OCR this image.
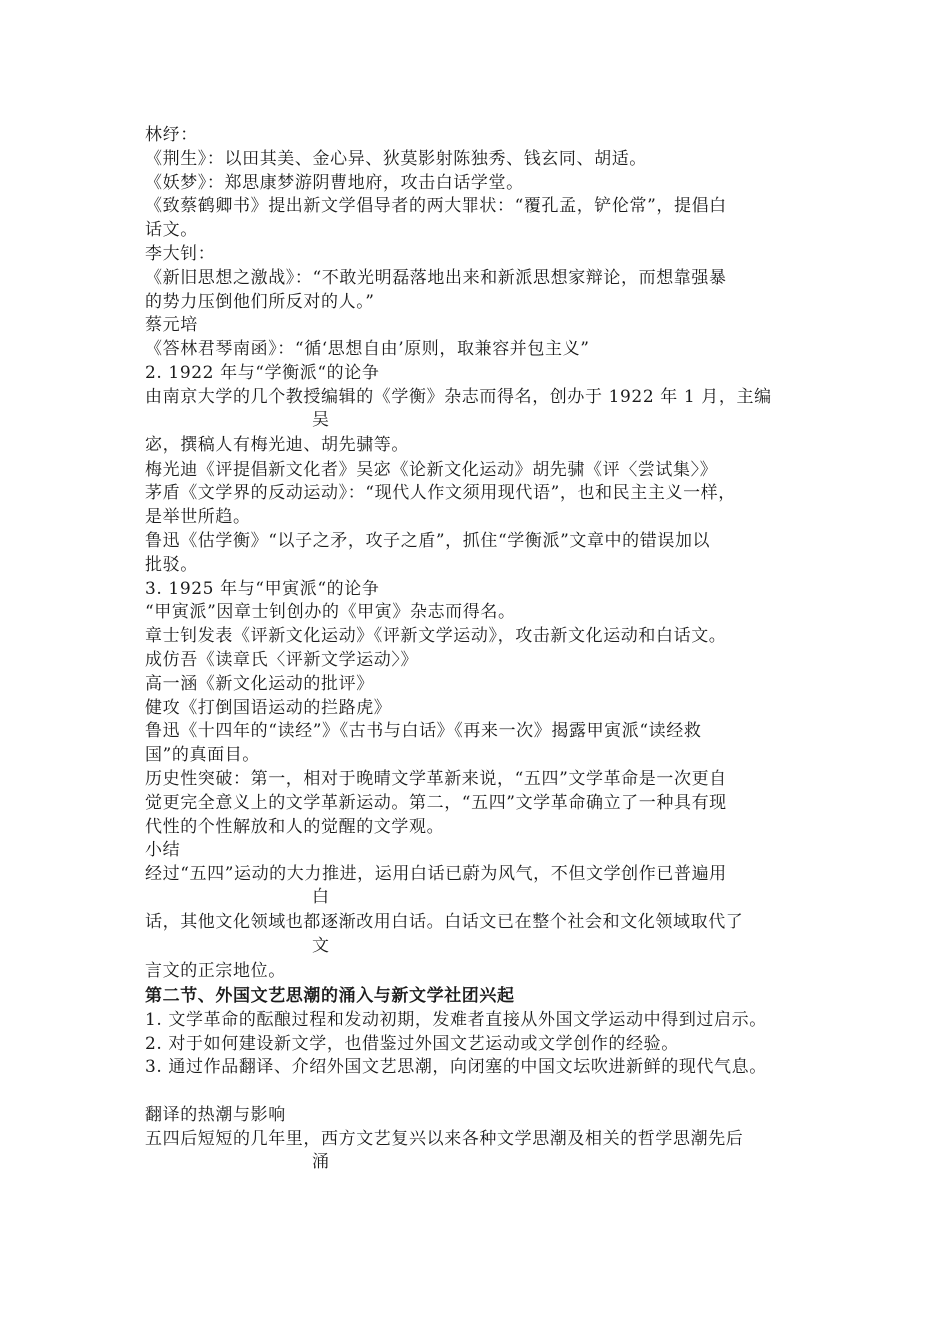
林纾：
《荆生》：以田其美、金心异、狄莫影射陈独秀、钱玄同、胡适。
《妖梦》：郑思康梦游阴曹地府，攻击白话学堂。
《致蔡鹤卿书》提出新文学倡导者的两大罪状：“覆孔孟，铲伦常”，提倡白
话文。
李大钊：
《新旧思想之激战》：“不敢光明磊落地出来和新派思想家辩论，而想靠强暴
的势力压倒他们所反对的人。”
蔡元培
《答林君琴南函》：“循‘思想自由’原则，取兼容并包主义”
2. 1922 年与“学衡派“的论争
由南京大学的几个教授编辑的《学衡》杂志而得名，创办于 1922 年 1 月，主编
吴
宓，撰稿人有梅光迪、胡先骕等。
梅光迪《评提倡新文化者》吴宓《论新文化运动》胡先骕《评〈尝试集〉》
茅盾《文学界的反动运动》：“现代人作文须用现代语”，也和民主主义一样，
是举世所趋。
鲁迅《估学衡》“以子之矛，攻子之盾”，抓住“学衡派”文章中的错误加以
批驳。
3. 1925 年与“甲寅派“的论争
“甲寅派”因章士钊创办的《甲寅》杂志而得名。
章士钊发表《评新文化运动》《评新文学运动》，攻击新文化运动和白话文。
成仿吾《读章氏〈评新文学运动〉》
高一涵《新文化运动的批评》
健攻《打倒国语运动的拦路虎》
鲁迅《十四年的“读经”》《古书与白话》《再来一次》揭露甲寅派“读经救
国”的真面目。
历史性突破：第一，相对于晚晴文学革新来说，“五四”文学革命是一次更自
觉更完全意义上的文学革新运动。第二，“五四”文学革命确立了一种具有现
代性的个性解放和人的觉醒的文学观。
小结
经过“五四”运动的大力推进，运用白话已蔚为风气，不但文学创作已普遍用
白
话，其他文化领域也都逐渐改用白话。白话文已在整个社会和文化领域取代了
文
言文的正宗地位。
第二节、外国文艺思潮的涌入与新文学社团兴起
1. 文学革命的酝酿过程和发动初期，发难者直接从外国文学运动中得到过启示。
2. 对于如何建设新文学，也借鉴过外国文艺运动或文学创作的经验。
3. 通过作品翻译、介绍外国文艺思潮，向闭塞的中国文坛吹进新鲜的现代气息。
翻译的热潮与影响
五四后短短的几年里，西方文艺复兴以来各种文学思潮及相关的哲学思潮先后
涌
